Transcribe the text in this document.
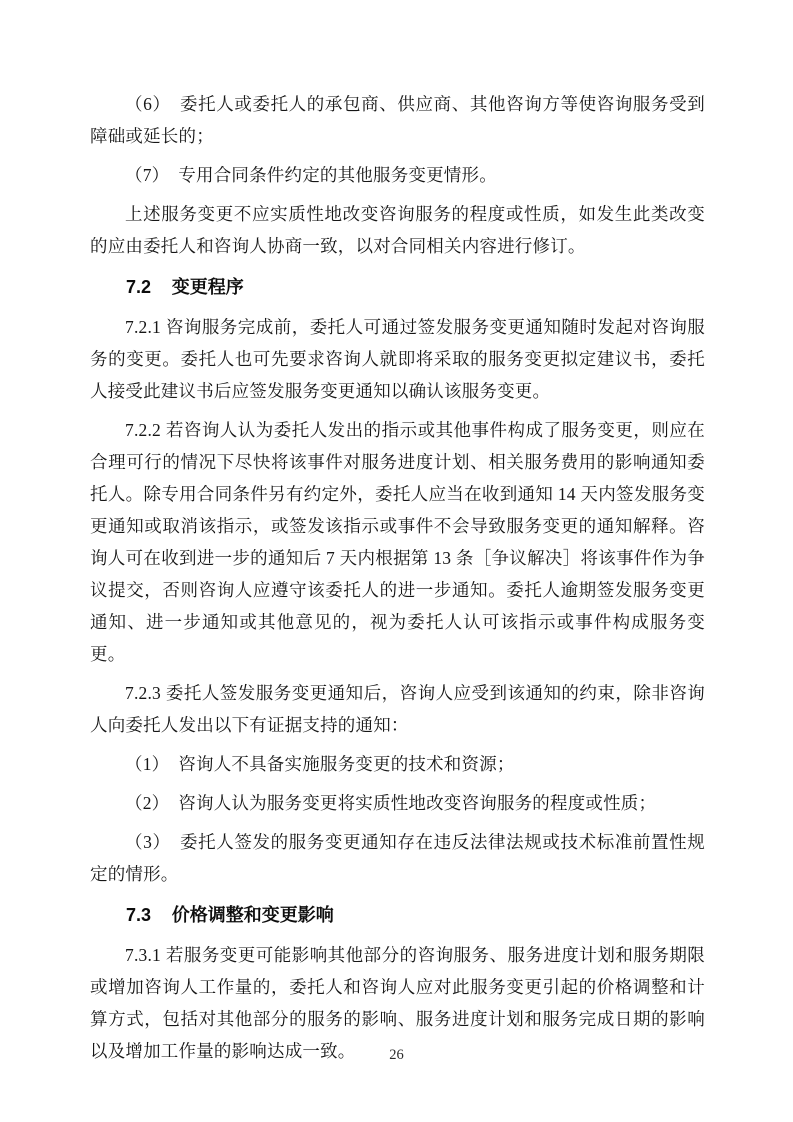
（6）　委托人或委托人的承包商、供应商、其他咨询方等使咨询服务受到障础或延长的；

（7）　专用合同条件约定的其他服务变更情形。

上述服务变更不应实质性地改变咨询服务的程度或性质，如发生此类改变的应由委托人和咨询人协商一致，以对合同相关内容进行修订。

7.2 变更程序

7.2.1 咨询服务完成前，委托人可通过签发服务变更通知随时发起对咨询服务的变更。委托人也可先要求咨询人就即将采取的服务变更拟定建议书，委托人接受此建议书后应签发服务变更通知以确认该服务变更。

7.2.2 若咨询人认为委托人发出的指示或其他事件构成了服务变更，则应在合理可行的情况下尽快将该事件对服务进度计划、相关服务费用的影响通知委托人。除专用合同条件另有约定外，委托人应当在收到通知 14 天内签发服务变更通知或取消该指示，或签发该指示或事件不会导致服务变更的通知解释。咨询人可在收到进一步的通知后 7 天内根据第 13 条［争议解决］将该事件作为争议提交，否则咨询人应遵守该委托人的进一步通知。委托人逾期签发服务变更通知、进一步通知或其他意见的，视为委托人认可该指示或事件构成服务变更。

7.2.3 委托人签发服务变更通知后，咨询人应受到该通知的约束，除非咨询人向委托人发出以下有证据支持的通知：

（1）　咨询人不具备实施服务变更的技术和资源；

（2）　咨询人认为服务变更将实质性地改变咨询服务的程度或性质；

（3）　委托人签发的服务变更通知存在违反法律法规或技术标准前置性规定的情形。

7.3 价格调整和变更影响

7.3.1 若服务变更可能影响其他部分的咨询服务、服务进度计划和服务期限或增加咨询人工作量的，委托人和咨询人应对此服务变更引起的价格调整和计算方式，包括对其他部分的服务的影响、服务进度计划和服务完成日期的影响以及增加工作量的影响达成一致。	26
